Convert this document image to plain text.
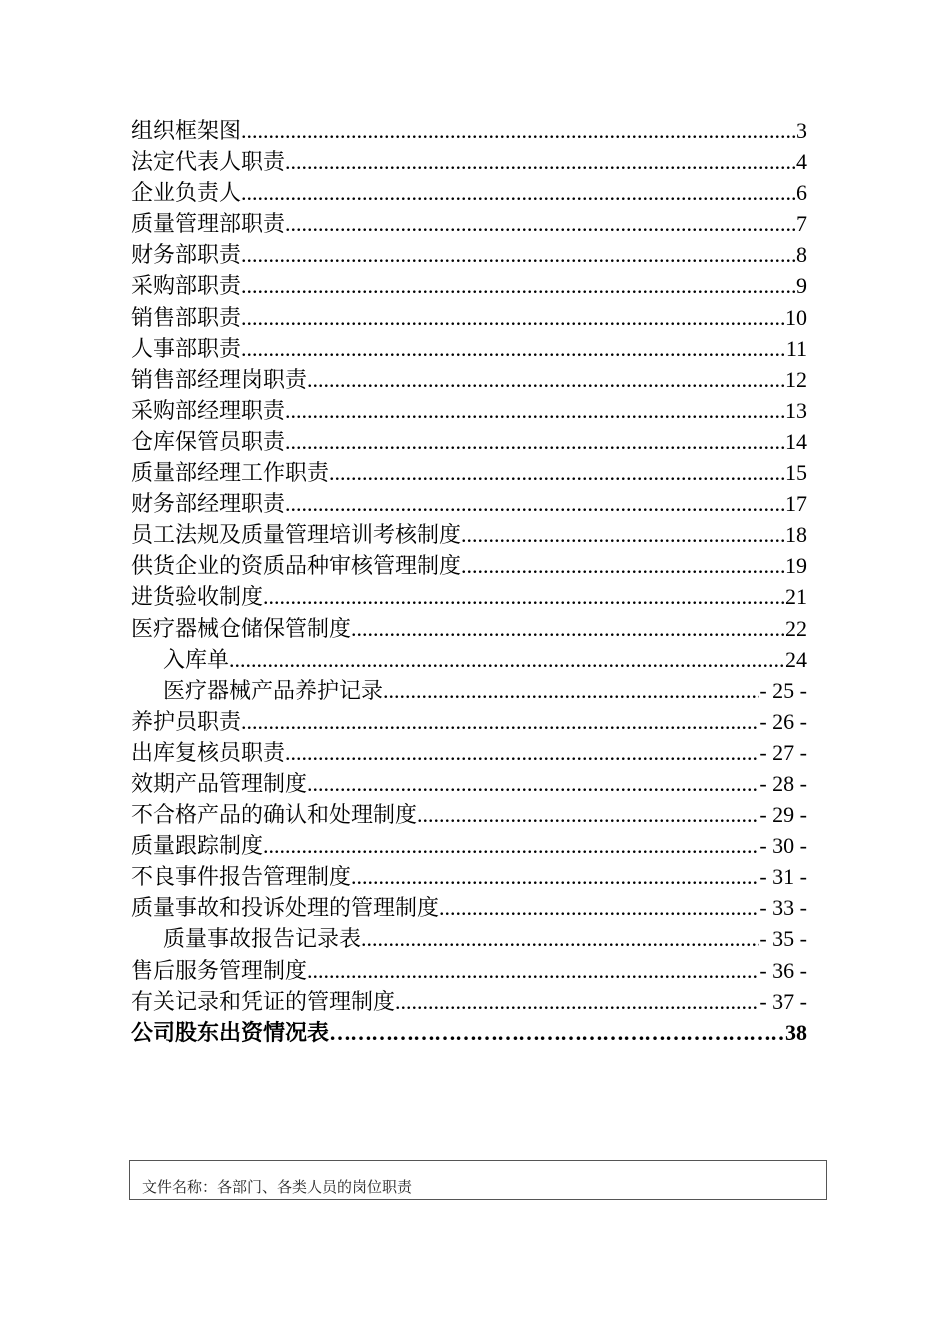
组织框架图 .....	3
法定代表人职责 .....	4
企业负责人 .....	6
质量管理部职责 .....	7
财务部职责 .....	8
采购部职责 .....	9
销售部职责 .....	10
人事部职责 .....	11
销售部经理岗职责 .....	12
采购部经理职责 .....	13
仓库保管员职责 .....	14
质量部经理工作职责 .....	15
财务部经理职责 .....	17
员工法规及质量管理培训考核制度 .....	18
供货企业的资质品种审核管理制度 .....	19
进货验收制度 .....	21
医疗器械仓储保管制度 .....	22
入库单 .....	24
医疗器械产品养护记录 .....	- 25 -
养护员职责 .....	- 26 -
出库复核员职责 .....	- 27 -
效期产品管理制度 .....	- 28 -
不合格产品的确认和处理制度 .....	- 29 -
质量跟踪制度 .....	- 30 -
不良事件报告管理制度 .....	- 31 -
质量事故和投诉处理的管理制度 .....	- 33 -
质量事故报告记录表 .....	- 35 -
售后服务管理制度 .....	- 36 -
有关记录和凭证的管理制度 .....	- 37 -
公司股东出资情况表 …………………………………………………………………………………………………………	38
文件名称：各部门、各类人员的岗位职责
